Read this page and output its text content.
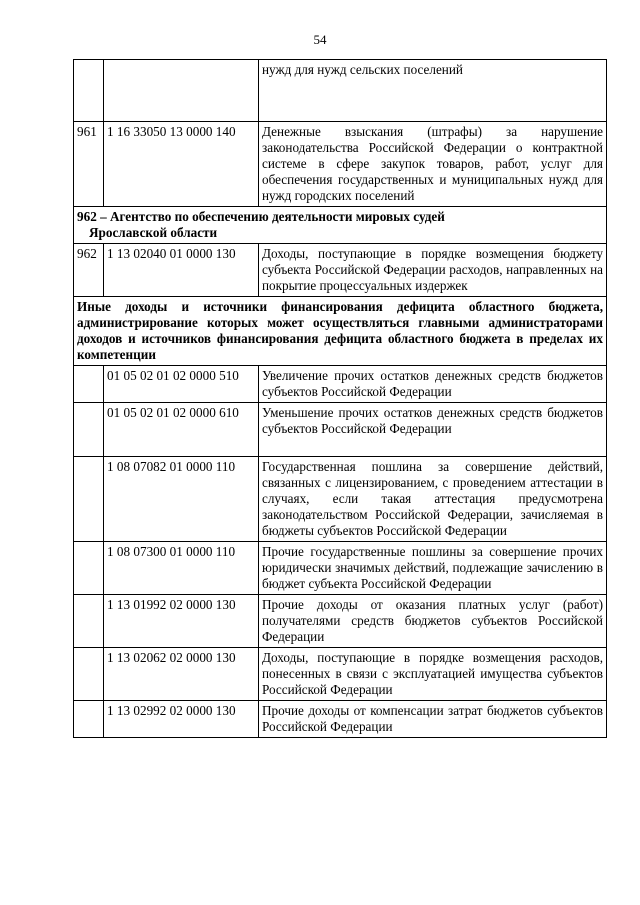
54
		нужд для нужд сельских поселений
961	1 16 33050 13 0000 140	Денежные взыскания (штрафы) за нарушение законодательства Российской Федерации о контрактной системе в сфере закупок товаров, работ, услуг для обеспечения государственных и муниципальных нужд для нужд городских поселений

962 – Агентство по обеспечению деятельности мировых судей
Ярославской области		

962	1 13 02040 01 0000 130	Доходы, поступающие в порядке возмещения бюджету субъекта Российской Федерации расходов, направленных на покрытие процессуальных издержек
Иные доходы и источники финансирования дефицита областного бюджета, администрирование которых может осуществляться главными администраторами доходов и источников финансирования дефицита областного бюджета в пределах их компетенции		
	01 05 02 01 02 0000 510	Увеличение прочих остатков денежных средств бюджетов субъектов Российской Федерации
	01 05 02 01 02 0000 610	Уменьшение прочих остатков денежных средств бюджетов субъектов Российской Федерации
	1 08 07082 01 0000 110	Государственная пошлина за совершение действий, связанных с лицензированием, с проведением аттестации в случаях, если такая аттестация предусмотрена законодательством Российской Федерации, зачисляемая в бюджеты субъектов Российской Федерации
	1 08 07300 01 0000 110	Прочие государственные пошлины за совершение прочих юридически значимых действий, подлежащие зачислению в бюджет субъекта Российской Федерации
	1 13 01992 02 0000 130	Прочие доходы от оказания платных услуг (работ) получателями средств бюджетов субъектов Российской Федерации
	1 13 02062 02 0000 130	Доходы, поступающие в порядке возмещения расходов, понесенных в связи с эксплуатацией имущества субъектов Российской Федерации
	1 13 02992 02 0000 130	Прочие доходы от компенсации затрат бюджетов субъектов Российской Федерации
